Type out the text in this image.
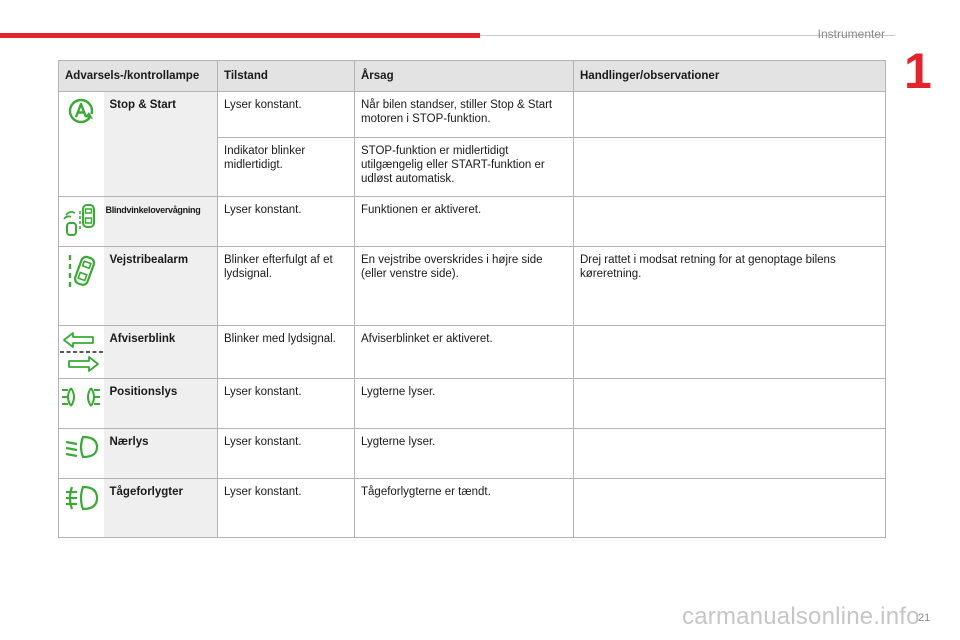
Instrumenter
1
Advarsels-/kontrollampe		Tilstand	Årsag	Handlinger/observationer
	Stop & Start	Lyser konstant.	Når bilen standser, stiller Stop & Start motoren i STOP-funktion.	
		Indikator blinker midlertidigt.	STOP-funktion er midlertidigt utilgængelig eller START-funktion er udløst automatisk.	
	Blindvinkelovervågning	Lyser konstant.	Funktionen er aktiveret.	
	Vejstribealarm	Blinker efterfulgt af et lydsignal.	En vejstribe overskrides i højre side (eller venstre side).	Drej rattet i modsat retning for at genoptage bilens køreretning.
	Afviserblink	Blinker med lydsignal.	Afviserblinket er aktiveret.	
	Positionslys	Lyser konstant.	Lygterne lyser.	
	Nærlys	Lyser konstant.	Lygterne lyser.	
	Tågeforlygter	Lyser konstant.	Tågeforlygterne er tændt.	
21
carmanualsonline.info
